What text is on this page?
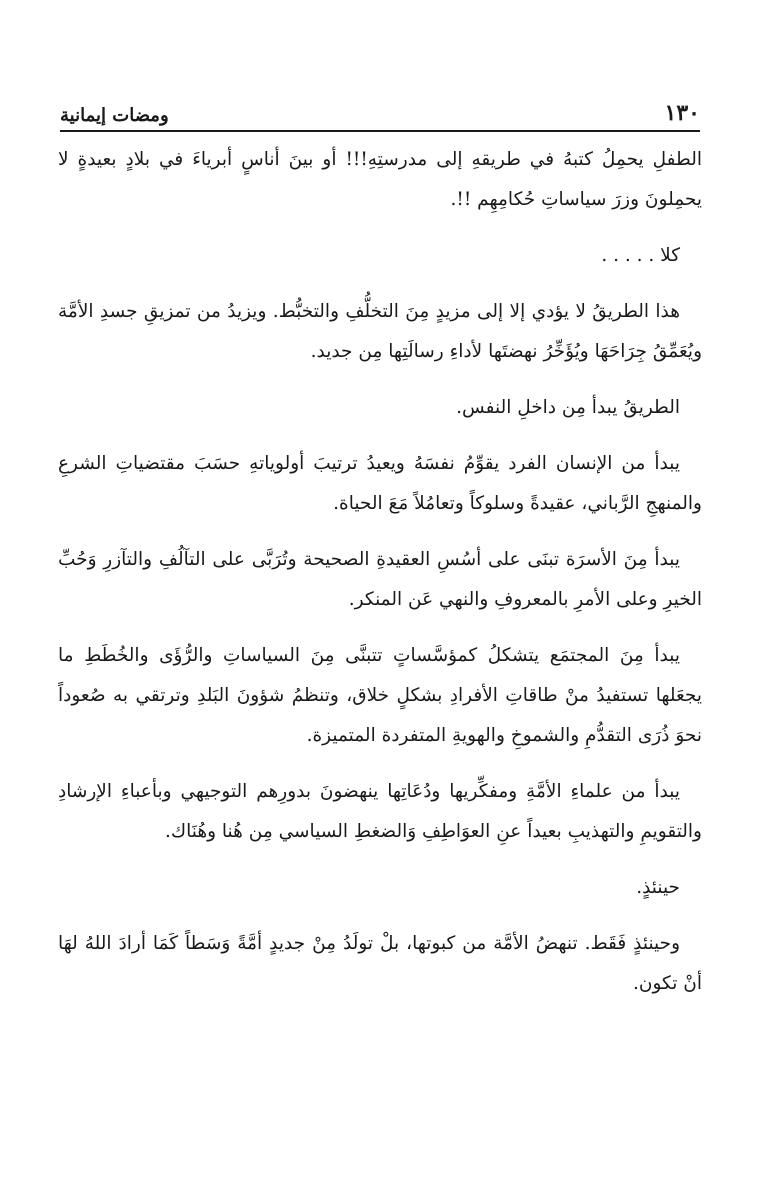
١٣٠
ومضات إيمانية

الطفلِ يحمِلُ كتبهُ في طريقهِ إلى مدرستِهِ!!! أو بينَ أناسٍ أبرياءَ في بلادٍ بعيدةٍ لا يحمِلونَ وزرَ سياساتِ حُكامِهِم !!.

كلا . . . . .

هذا الطريقُ لا يؤدي إلا إلى مزيدٍ مِنَ التخلُّفِ والتخبُّط. ويزيدُ من تمزيقِ جسدِ الأمَّة ويُعَمِّقُ جِرَاحَهَا ويُؤَخِّرُ نهضتَها لأداءِ رسالَتِها مِن جديد.

الطريقُ يبدأ مِن داخلِ النفس.

يبدأ من الإنسان الفرد يقوِّمُ نفسَهُ ويعيدُ ترتيبَ أولوياتهِ حسَبَ مقتضياتِ الشرعِ والمنهجِ الرَّباني، عقيدةً وسلوكاً وتعامُلاً مَعَ الحياة.

يبدأ مِنَ الأسرَة تبنَى على أسُسِ العقيدةِ الصحيحة وتُرَبَّى على التآلُفِ والتآزرِ وَحُبِّ الخيرِ وعلى الأمرِ بالمعروفِ والنهي عَن المنكر.

يبدأ مِنَ المجتمَع يتشكلُ كمؤسَّساتٍ تتبنَّى مِنَ السياساتِ والرُّؤَى والخُطَطِ ما يجعَلها تستفيدُ منْ طاقاتِ الأفرادِ بشكلٍ خلاق، وتنظمُ شؤونَ البَلدِ وترتقي به صُعوداً نحوَ ذُرَى التقدُّمِ والشموخِ والهويةِ المتفردة المتميزة.

يبدأ من علماءِ الأمَّةِ ومفكِّريها ودُعَاتِها ينهضونَ بدورِهم التوجيهي وبأعباءِ الإرشادِ والتقويمِ والتهذيبِ بعيداً عنِ العوَاطِفِ وَالضغطِ السياسي مِن هُنا وهُنَاك.

حينئذٍ.

وحينئذٍ فَقَط. تنهضُ الأمَّة من كبوتها، بلْ تولَدُ مِنْ جديدٍ أمَّةً وَسَطاً كَمَا أرادَ اللهُ لهَا أنْ تكون.
